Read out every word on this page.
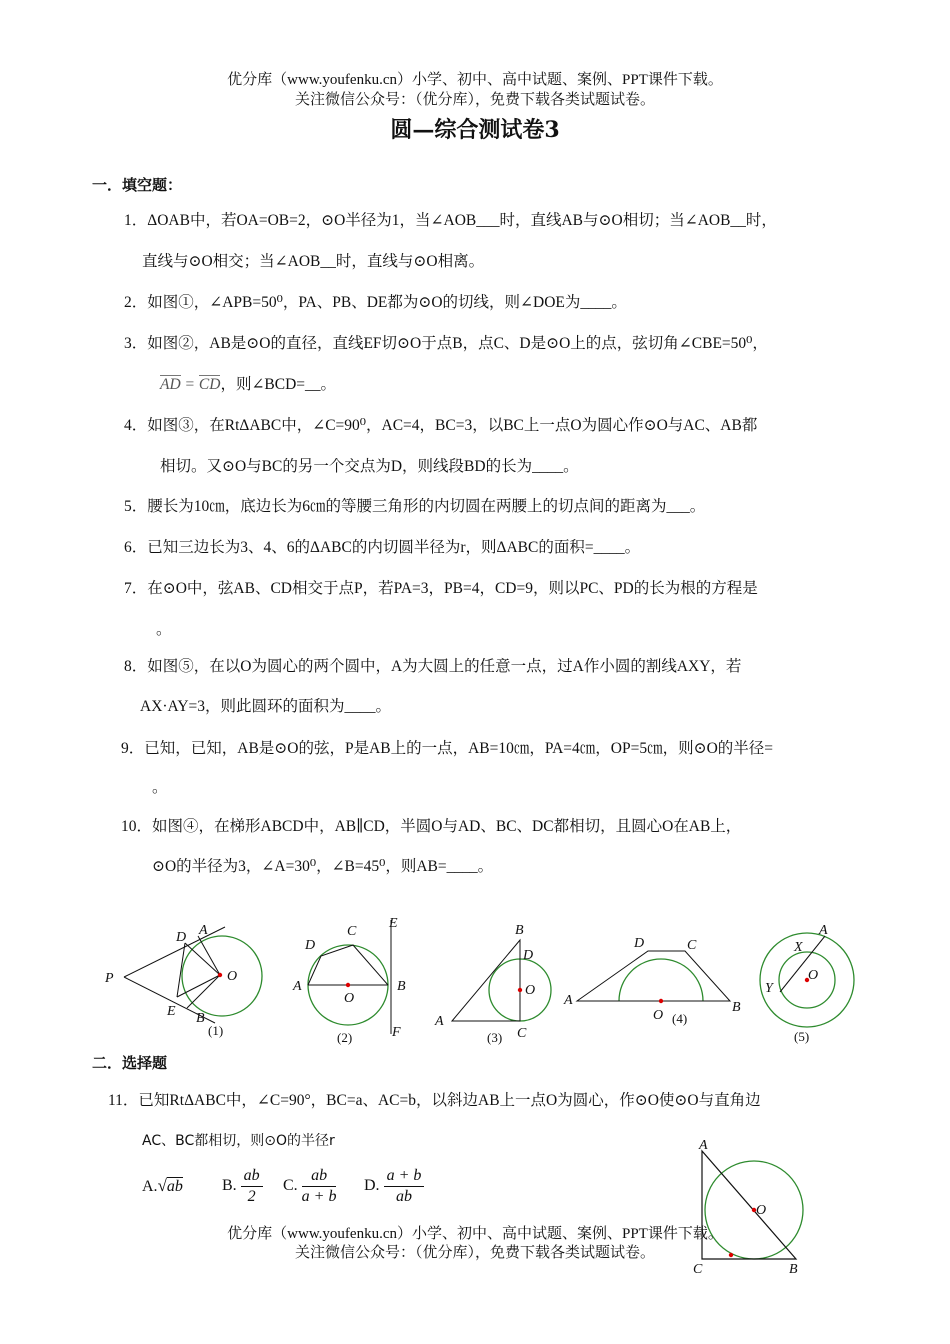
优分库（www.youfenku.cn）小学、初中、高中试题、案例、PPT课件下载。
关注微信公众号：（优分库），免费下载各类试题试卷。
圆—综合测试卷3
一．填空题：
1．ΔOAB中，若OA=OB=2，⊙O半径为1，当∠AOB___时，直线AB与⊙O相切；当∠AOB__时，
直线与⊙O相交；当∠AOB__时，直线与⊙O相离。
2．如图①，∠APB=50⁰，PA、PB、DE都为⊙O的切线，则∠DOE为____。
3．如图②，AB是⊙O的直径，直线EF切⊙O于点B，点C、D是⊙O上的点，弦切角∠CBE=50⁰，
AD = CD，则∠BCD=__。
4．如图③，在RtΔABC中，∠C=90⁰，AC=4，BC=3，以BC上一点O为圆心作⊙O与AC、AB都
相切。又⊙O与BC的另一个交点为D，则线段BD的长为____。
5．腰长为10㎝，底边长为6㎝的等腰三角形的内切圆在两腰上的切点间的距离为___。
6．已知三边长为3、4、6的ΔABC的内切圆半径为r，则ΔABC的面积=____。
7．在⊙O中，弦AB、CD相交于点P，若PA=3，PB=4，CD=9，则以PC、PD的长为根的方程是
。
8．如图⑤，在以O为圆心的两个圆中，A为大圆上的任意一点，过A作小圆的割线AXY，若
AX·AY=3，则此圆环的面积为____。
9．已知，已知，AB是⊙O的弦，P是AB上的一点，AB=10㎝，PA=4㎝，OP=5㎝，则⊙O的半径=
。
10．如图④，在梯形ABCD中，AB∥CD，半圆O与AD、BC、DC都相切，且圆心O在AB上，
⊙O的半径为3，∠A=30⁰，∠B=45⁰，则AB=____。
P
A
D
O
E B
(1)
A	B
C
D
E
F
O
(2)
B
D
O
A
C
(3)
D	C
A	B
O (4)
A
X
O
Y
(5)
二．选择题
11．已知RtΔABC中，∠C=90°，BC=a、AC=b，以斜边AB上一点O为圆心，作⊙O使⊙O与直角边
AC、BC都相切，则⊙O的半径r
A.√ab B. $\frac{ab}{2} C$. $\frac{ab}{a + b} D$. $\frac{a + b}{ab}$
A
O
C	B
优分库（www.youfenku.cn）小学、初中、高中试题、案例、PPT课件下载。
关注微信公众号：（优分库），免费下载各类试题试卷。
